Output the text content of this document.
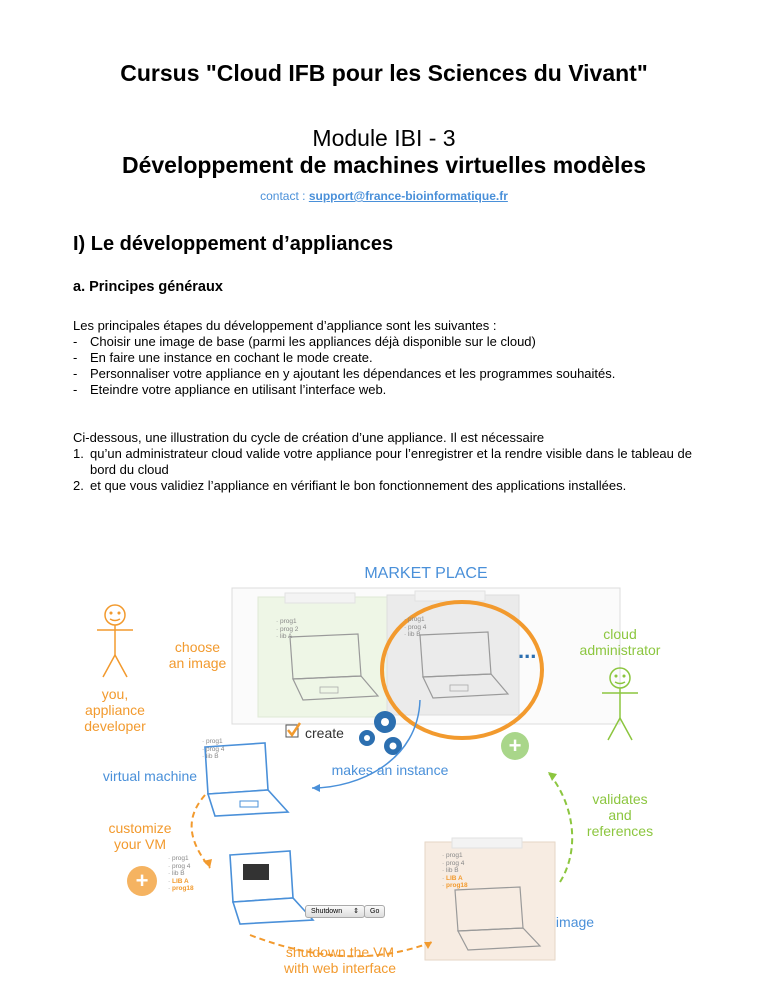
Cursus "Cloud IFB pour les Sciences du Vivant"
Module IBI - 3
Développement de machines virtuelles modèles
contact : support@france-bioinformatique.fr
I) Le développement d’appliances
a. Principes généraux
Les principales étapes du développement d’appliance sont les suivantes :
- Choisir une image de base (parmi les appliances déjà disponible sur le cloud)
- En faire une instance en cochant le mode create.
- Personnaliser votre appliance en y ajoutant les dépendances et les programmes souhaités.
- Eteindre votre appliance en utilisant l’interface web.
Ci-dessous, une illustration du cycle de création d’une appliance. Il est nécessaire
1. qu’un administrateur cloud valide votre appliance pour l’enregistrer et la rendre visible dans le tableau de bord du cloud
2. et que vous validiez l’appliance en vérifiant le bon fonctionnement des applications installées.
MARKET PLACE
choose
an image
you,
appliance
developer
cloud
administrator
...
create
makes an instance
virtual machine
customize
your VM
validates
and
references
image
shutdown the VM
with web interface
+
+
Shutdown ⇕	Go
· prog1
· prog 2
· lib A
· prog1
· prog 4
· lib B
· prog1
· prog 4
· lib B
· prog1
· prog 4
· lib B
· LIB A
· prog18
· prog1
· prog 4
· lib B
· LIB A
· prog18
